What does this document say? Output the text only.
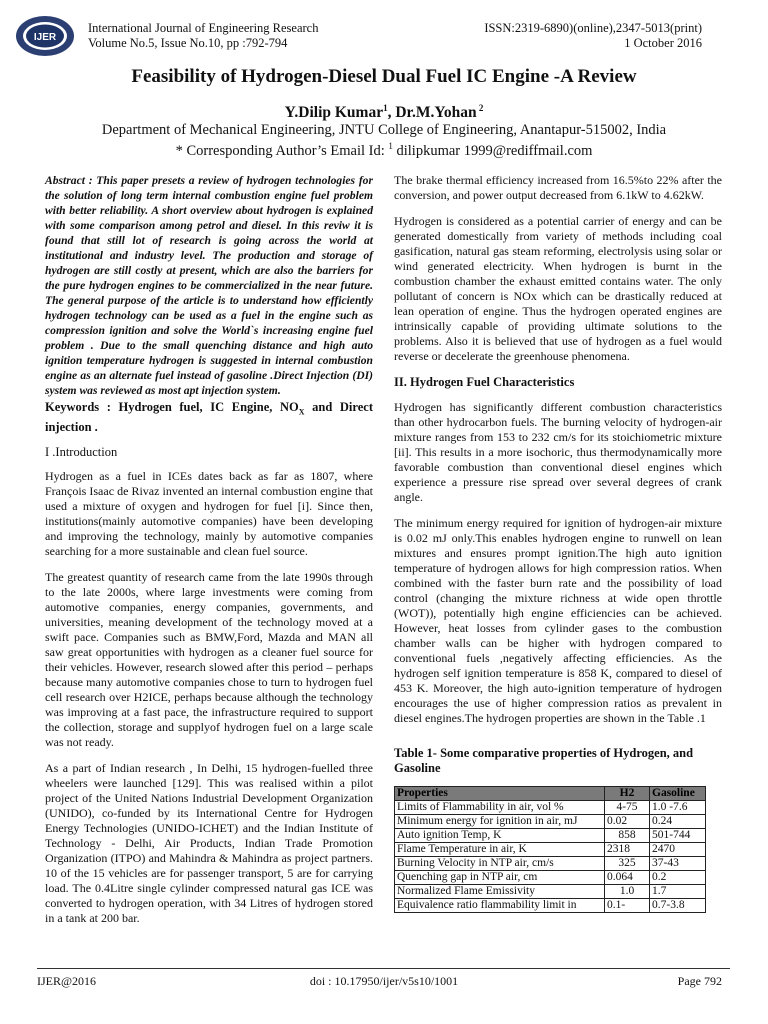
IJER
International Journal of Engineering Research
Volume No.5, Issue No.10, pp :792-794
ISSN:2319-6890)(online),2347-5013(print)
1 October 2016
Feasibility of Hydrogen-Diesel Dual Fuel IC Engine -A Review
Y.Dilip Kumar$^1$, Dr.M.Yohan $^2$
Department of Mechanical Engineering, JNTU College of Engineering, Anantapur-515002, India
* Corresponding Author’s Email Id: $^1$ dilipkumar 1999@rediffmail.com

Abstract : This paper presets a review of hydrogen technologies for the solution of long term internal combustion engine fuel problem with better reliability. A short overview about hydrogen is explained with some comparison among petrol and diesel. In this reviw it is found that still lot of research is going across the world at institutional and industry level. The production and storage of hydrogen are still costly at present, which are also the barriers for the pure hydrogen engines to be commercialized in the near future. The general purpose of the article is to understand how efficiently hydrogen technology can be used as a fuel in the engine such as compression ignition and solve the World`s increasing engine fuel problem . Due to the small quenching distance and high auto ignition temperature hydrogen is suggested in internal combustion engine as an alternate fuel instead of gasoline .Direct Injection (DI) system was reviewed as most apt injection system.

Keywords : Hydrogen fuel, IC Engine, $NO_X$ and Direct injection .

I .Introduction

Hydrogen as a fuel in ICEs dates back as far as 1807, where François Isaac de Rivaz invented an internal combustion engine that used a mixture of oxygen and hydrogen for fuel [i]. Since then, institutions(mainly automotive companies) have been developing and improving the technology, mainly by automotive companies searching for a more sustainable and clean fuel source.

The greatest quantity of research came from the late 1990s through to the late 2000s, where large investments were coming from automotive companies, energy companies, governments, and universities, meaning development of the technology moved at a swift pace. Companies such as BMW,Ford, Mazda and MAN all saw great opportunities with hydrogen as a cleaner fuel source for their vehicles. However, research slowed after this period – perhaps because many automotive companies chose to turn to hydrogen fuel cell research over H2ICE, perhaps because although the technology was improving at a fast pace, the infrastructure required to support the collection, storage and supplyof hydrogen fuel on a large scale was not ready.

As a part of Indian research , In Delhi, 15 hydrogen-fuelled three wheelers were launched [129]. This was realised within a pilot project of the United Nations Industrial Development Organization (UNIDO), co-funded by its International Centre for Hydrogen Energy Technologies (UNIDO-ICHET) and the Indian Institute of Technology - Delhi, Air Products, Indian Trade Promotion Organization (ITPO) and Mahindra & Mahindra as project partners. 10 of the 15 vehicles are for passenger transport, 5 are for carrying load. The 0.4Litre single cylinder compressed natural gas ICE was converted to hydrogen operation, with 34 Litres of hydrogen stored in a tank at 200 bar.

The brake thermal efficiency increased from 16.5%to 22% after the conversion, and power output decreased from 6.1kW to 4.62kW.

Hydrogen is considered as a potential carrier of energy and can be generated domestically from variety of methods including coal gasification, natural gas steam reforming, electrolysis using solar or wind generated electricity. When hydrogen is burnt in the combustion chamber the exhaust emitted contains water. The only pollutant of concern is NOx which can be drastically reduced at lean operation of engine. Thus the hydrogen operated engines are intrinsically capable of providing ultimate solutions to the problems. Also it is believed that use of hydrogen as a fuel would reverse or decelerate the greenhouse phenomena.

II. Hydrogen Fuel Characteristics

Hydrogen has significantly different combustion characteristics than other hydrocarbon fuels. The burning velocity of hydrogen-air mixture ranges from 153 to 232 cm/s for its stoichiometric mixture [ii]. This results in a more isochoric, thus thermodynamically more favorable combustion than conventional diesel engines which experience a pressure rise spread over several degrees of crank angle.

The minimum energy required for ignition of hydrogen-air mixture is 0.02 mJ only.This enables hydrogen engine to runwell on lean mixtures and ensures prompt ignition.The high auto ignition temperature of hydrogen allows for high compression ratios. When combined with the faster burn rate and the possibility of load control (changing the mixture richness at wide open throttle (WOT)), potentially high engine efficiencies can be achieved. However, heat losses from cylinder gases to the combustion chamber walls can be higher with hydrogen compared to conventional fuels ,negatively affecting efficiencies. As the hydrogen self ignition temperature is 858 K, compared to diesel of 453 K. Moreover, the high auto-ignition temperature of hydrogen encourages the use of higher compression ratios as prevalent in diesel engines.The hydrogen properties are shown in the Table .1

Table 1- Some comparative properties of Hydrogen, and Gasoline

Properties	H2	Gasoline
Limits of Flammability in air, vol %	4-75	1.0 -7.6
Minimum energy for ignition in air, mJ	0.02	0.24
Auto ignition Temp, K	858	501-744
Flame Temperature in air, K	2318	2470
Burning Velocity in NTP air, cm/s	325	37-43
Quenching gap in NTP air, cm	0.064	0.2
Normalized Flame Emissivity	1.0	1.7
Equivalence ratio flammability limit in	0.1-	0.7-3.8
IJER@2016	doi : 10.17950/ijer/v5s10/1001	Page 792
